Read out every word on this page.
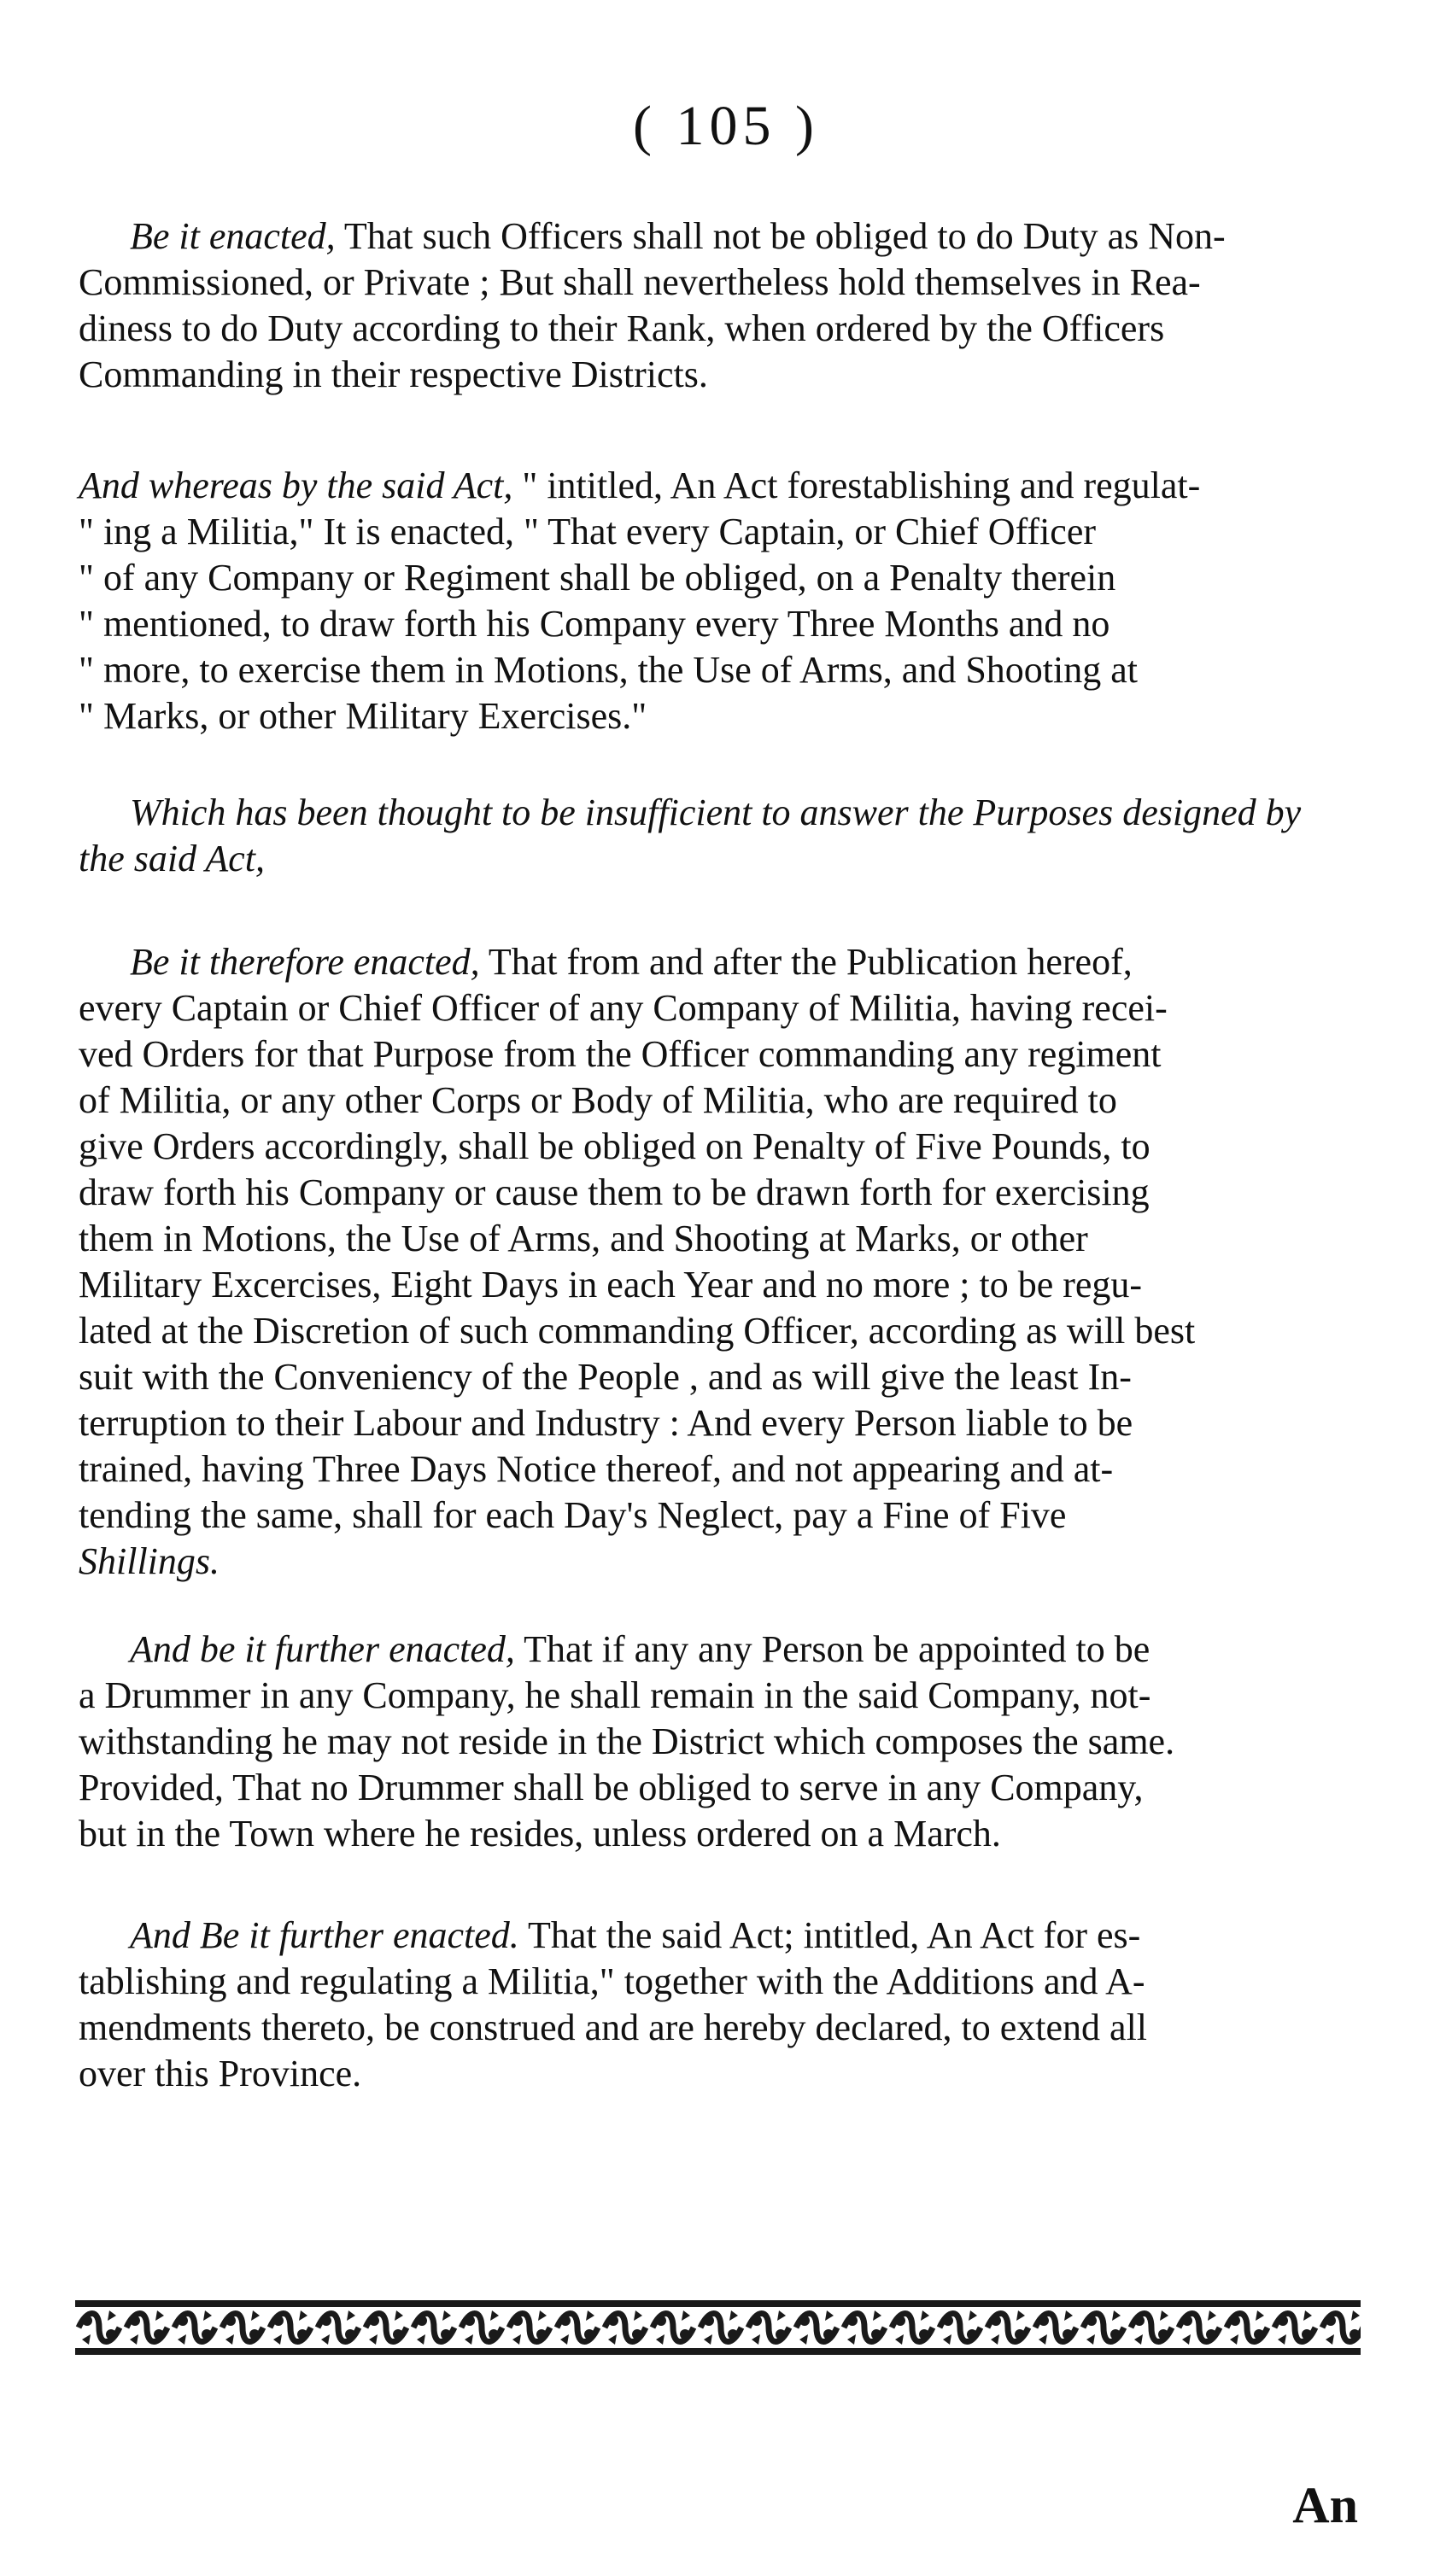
( 105 )

Be it enacted, That such Officers shall not be obliged to do Duty as Non-
Commissioned, or Private ; But shall nevertheless hold themselves in Rea-
diness to do Duty according to their Rank, when ordered by the Officers
Commanding in their respective Districts.

And whereas by the said Act, " intitled, An Act forestablishing and regulat-
" ing a Militia," It is enacted, " That every Captain, or Chief Officer
" of any Company or Regiment shall be obliged, on a Penalty therein
" mentioned, to draw forth his Company every Three Months and no
" more, to exercise them in Motions, the Use of Arms, and Shooting at
" Marks, or other Military Exercises."

Which has been thought to be insufficient to answer the Purposes designed by
the said Act,

Be it therefore enacted, That from and after the Publication hereof,
every Captain or Chief Officer of any Company of Militia, having recei-
ved Orders for that Purpose from the Officer commanding any regiment
of Militia, or any other Corps or Body of Militia, who are required to
give Orders accordingly, shall be obliged on Penalty of Five Pounds, to
draw forth his Company or cause them to be drawn forth for exercising
them in Motions, the Use of Arms, and Shooting at Marks, or other
Military Excercises, Eight Days in each Year and no more ; to be regu-
lated at the Discretion of such commanding Officer, according as will best
suit with the Conveniency of the People , and as will give the least In-
terruption to their Labour and Industry : And every Person liable to be
trained, having Three Days Notice thereof, and not appearing and at-
tending the same, shall for each Day's Neglect, pay a Fine of Five
Shillings.

And be it further enacted, That if any any Person be appointed to be
a Drummer in any Company, he shall remain in the said Company, not-
withstanding he may not reside in the District which composes the same.
Provided, That no Drummer shall be obliged to serve in any Company,
but in the Town where he resides, unless ordered on a March.

And Be it further enacted. That the said Act; intitled, An Act for es-
tablishing and regulating a Militia," together with the Additions and A-
mendments thereto, be construed and are hereby declared, to extend all
over this Province.

An
